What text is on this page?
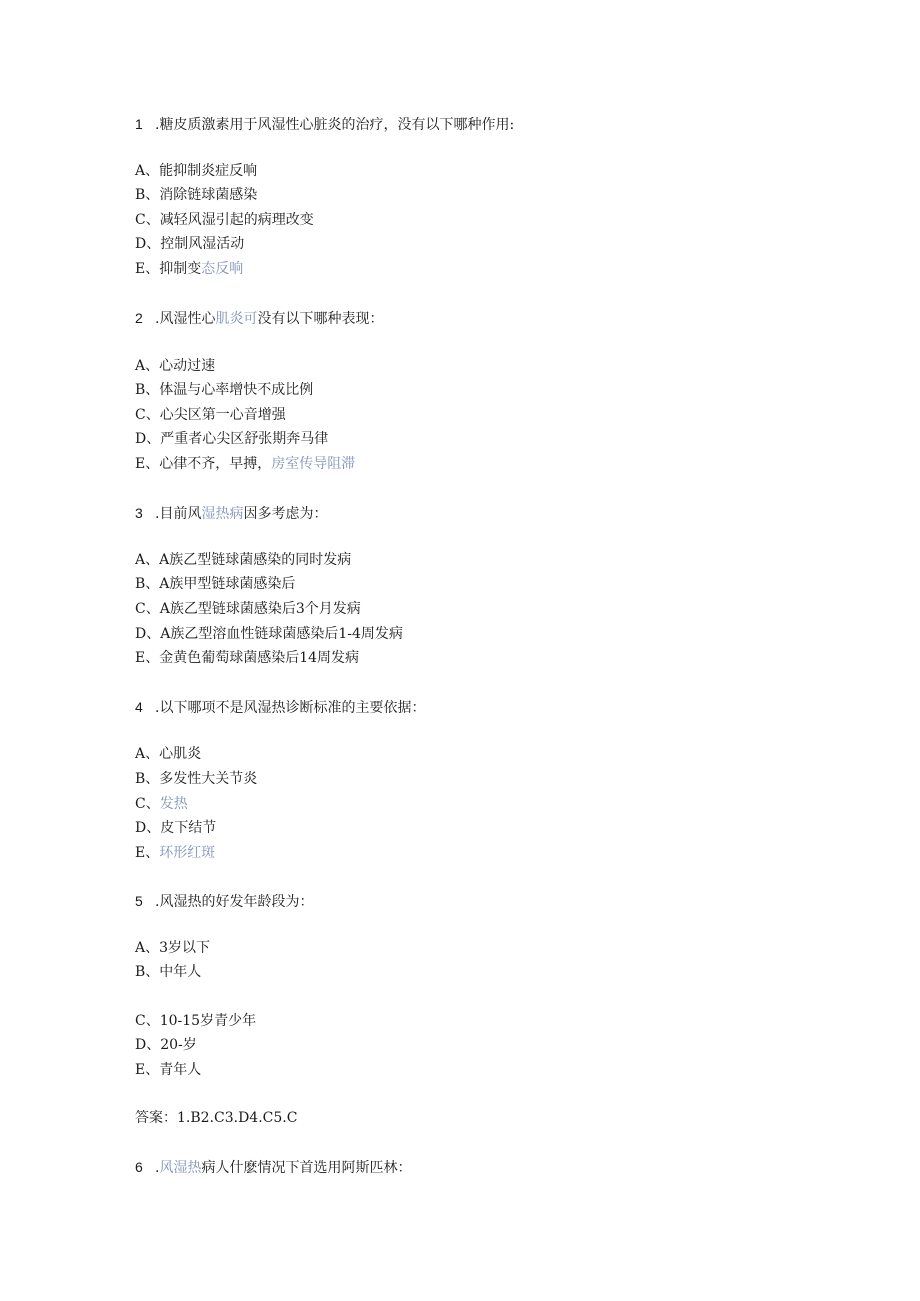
1 .糖皮质激素用于风湿性心脏炎的治疗，没有以下哪种作用:
A、能抑制炎症反响
B、消除链球菌感染
C、减轻风湿引起的病理改变
D、控制风湿活动
E、抑制变态反响
2 .风湿性心肌炎可没有以下哪种表现：
A、心动过速
B、体温与心率增快不成比例
C、心尖区第一心音增强
D、严重者心尖区舒张期奔马律
E、心律不齐，早搏，房室传导阻滞
3 .目前风湿热病因多考虑为：
A、A族乙型链球菌感染的同时发病
B、A族甲型链球菌感染后
C、A族乙型链球菌感染后3个月发病
D、A族乙型溶血性链球菌感染后1-4周发病
E、金黄色葡萄球菌感染后14周发病
4 .以下哪项不是风湿热诊断标准的主要依据：
A、心肌炎
B、多发性大关节炎
C、发热
D、皮下结节
E、环形红斑
5 .风湿热的好发年龄段为：
A、3岁以下
B、中年人
C、10-15岁青少年
D、20-岁
E、青年人
答案：1.B2.C3.D4.C5.C
6 .风湿热病人什麽情况下首选用阿斯匹林：
